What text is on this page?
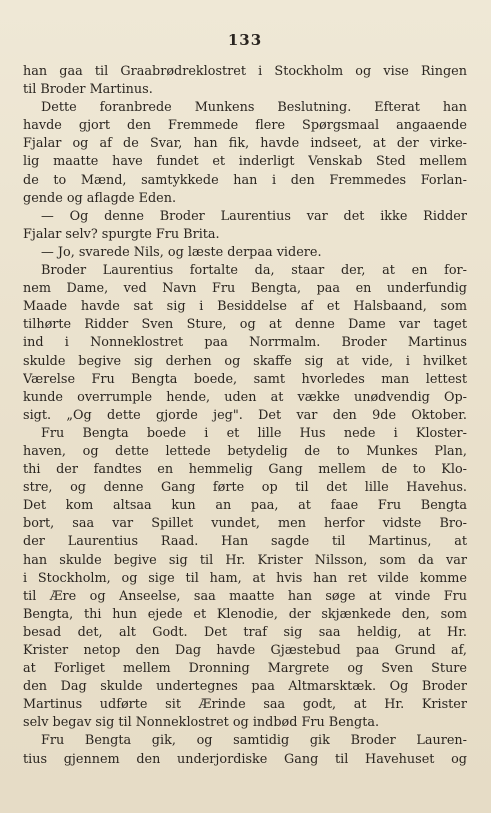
133
han gaa til Graabrødreklostret i Stockholm og vise Ringen
til Broder Martinus.
Dette foranbrede Munkens Beslutning. Efterat han
havde gjort den Fremmede flere Spørgsmaal angaaende
Fjalar og af de Svar, han fik, havde indseet, at der virke-
lig maatte have fundet et inderligt Venskab Sted mellem
de to Mænd, samtykkede han i den Fremmedes Forlan-
gende og aflagde Eden.
— Og denne Broder Laurentius var det ikke Ridder
Fjalar selv? spurgte Fru Brita.
— Jo, svarede Nils, og læste derpaa videre.
Broder Laurentius fortalte da, staar der, at en for-
nem Dame, ved Navn Fru Bengta, paa en underfundig
Maade havde sat sig i Besiddelse af et Halsbaand, som
tilhørte Ridder Sven Sture, og at denne Dame var taget
ind i Nonneklostret paa Norrmalm. Broder Martinus
skulde begive sig derhen og skaffe sig at vide, i hvilket
Værelse Fru Bengta boede, samt hvorledes man lettest
kunde overrumple hende, uden at vække unødvendig Op-
sigt. „Og dette gjorde jeg". Det var den 9de Oktober.
Fru Bengta boede i et lille Hus nede i Kloster-
haven, og dette lettede betydelig de to Munkes Plan,
thi der fandtes en hemmelig Gang mellem de to Klo-
stre, og denne Gang førte op til det lille Havehus.
Det kom altsaa kun an paa, at faae Fru Bengta
bort, saa var Spillet vundet, men herfor vidste Bro-
der Laurentius Raad. Han sagde til Martinus, at
han skulde begive sig til Hr. Krister Nilsson, som da var
i Stockholm, og sige til ham, at hvis han ret vilde komme
til Ære og Anseelse, saa maatte han søge at vinde Fru
Bengta, thi hun ejede et Klenodie, der skjænkede den, som
besad det, alt Godt. Det traf sig saa heldig, at Hr.
Krister netop den Dag havde Gjæstebud paa Grund af,
at Forliget mellem Dronning Margrete og Sven Sture
den Dag skulde undertegnes paa Altmarsktæk. Og Broder
Martinus udførte sit Ærinde saa godt, at Hr. Krister
selv begav sig til Nonneklostret og indbød Fru Bengta.
Fru Bengta gik, og samtidig gik Broder Lauren-
tius gjennem den underjordiske Gang til Havehuset og
